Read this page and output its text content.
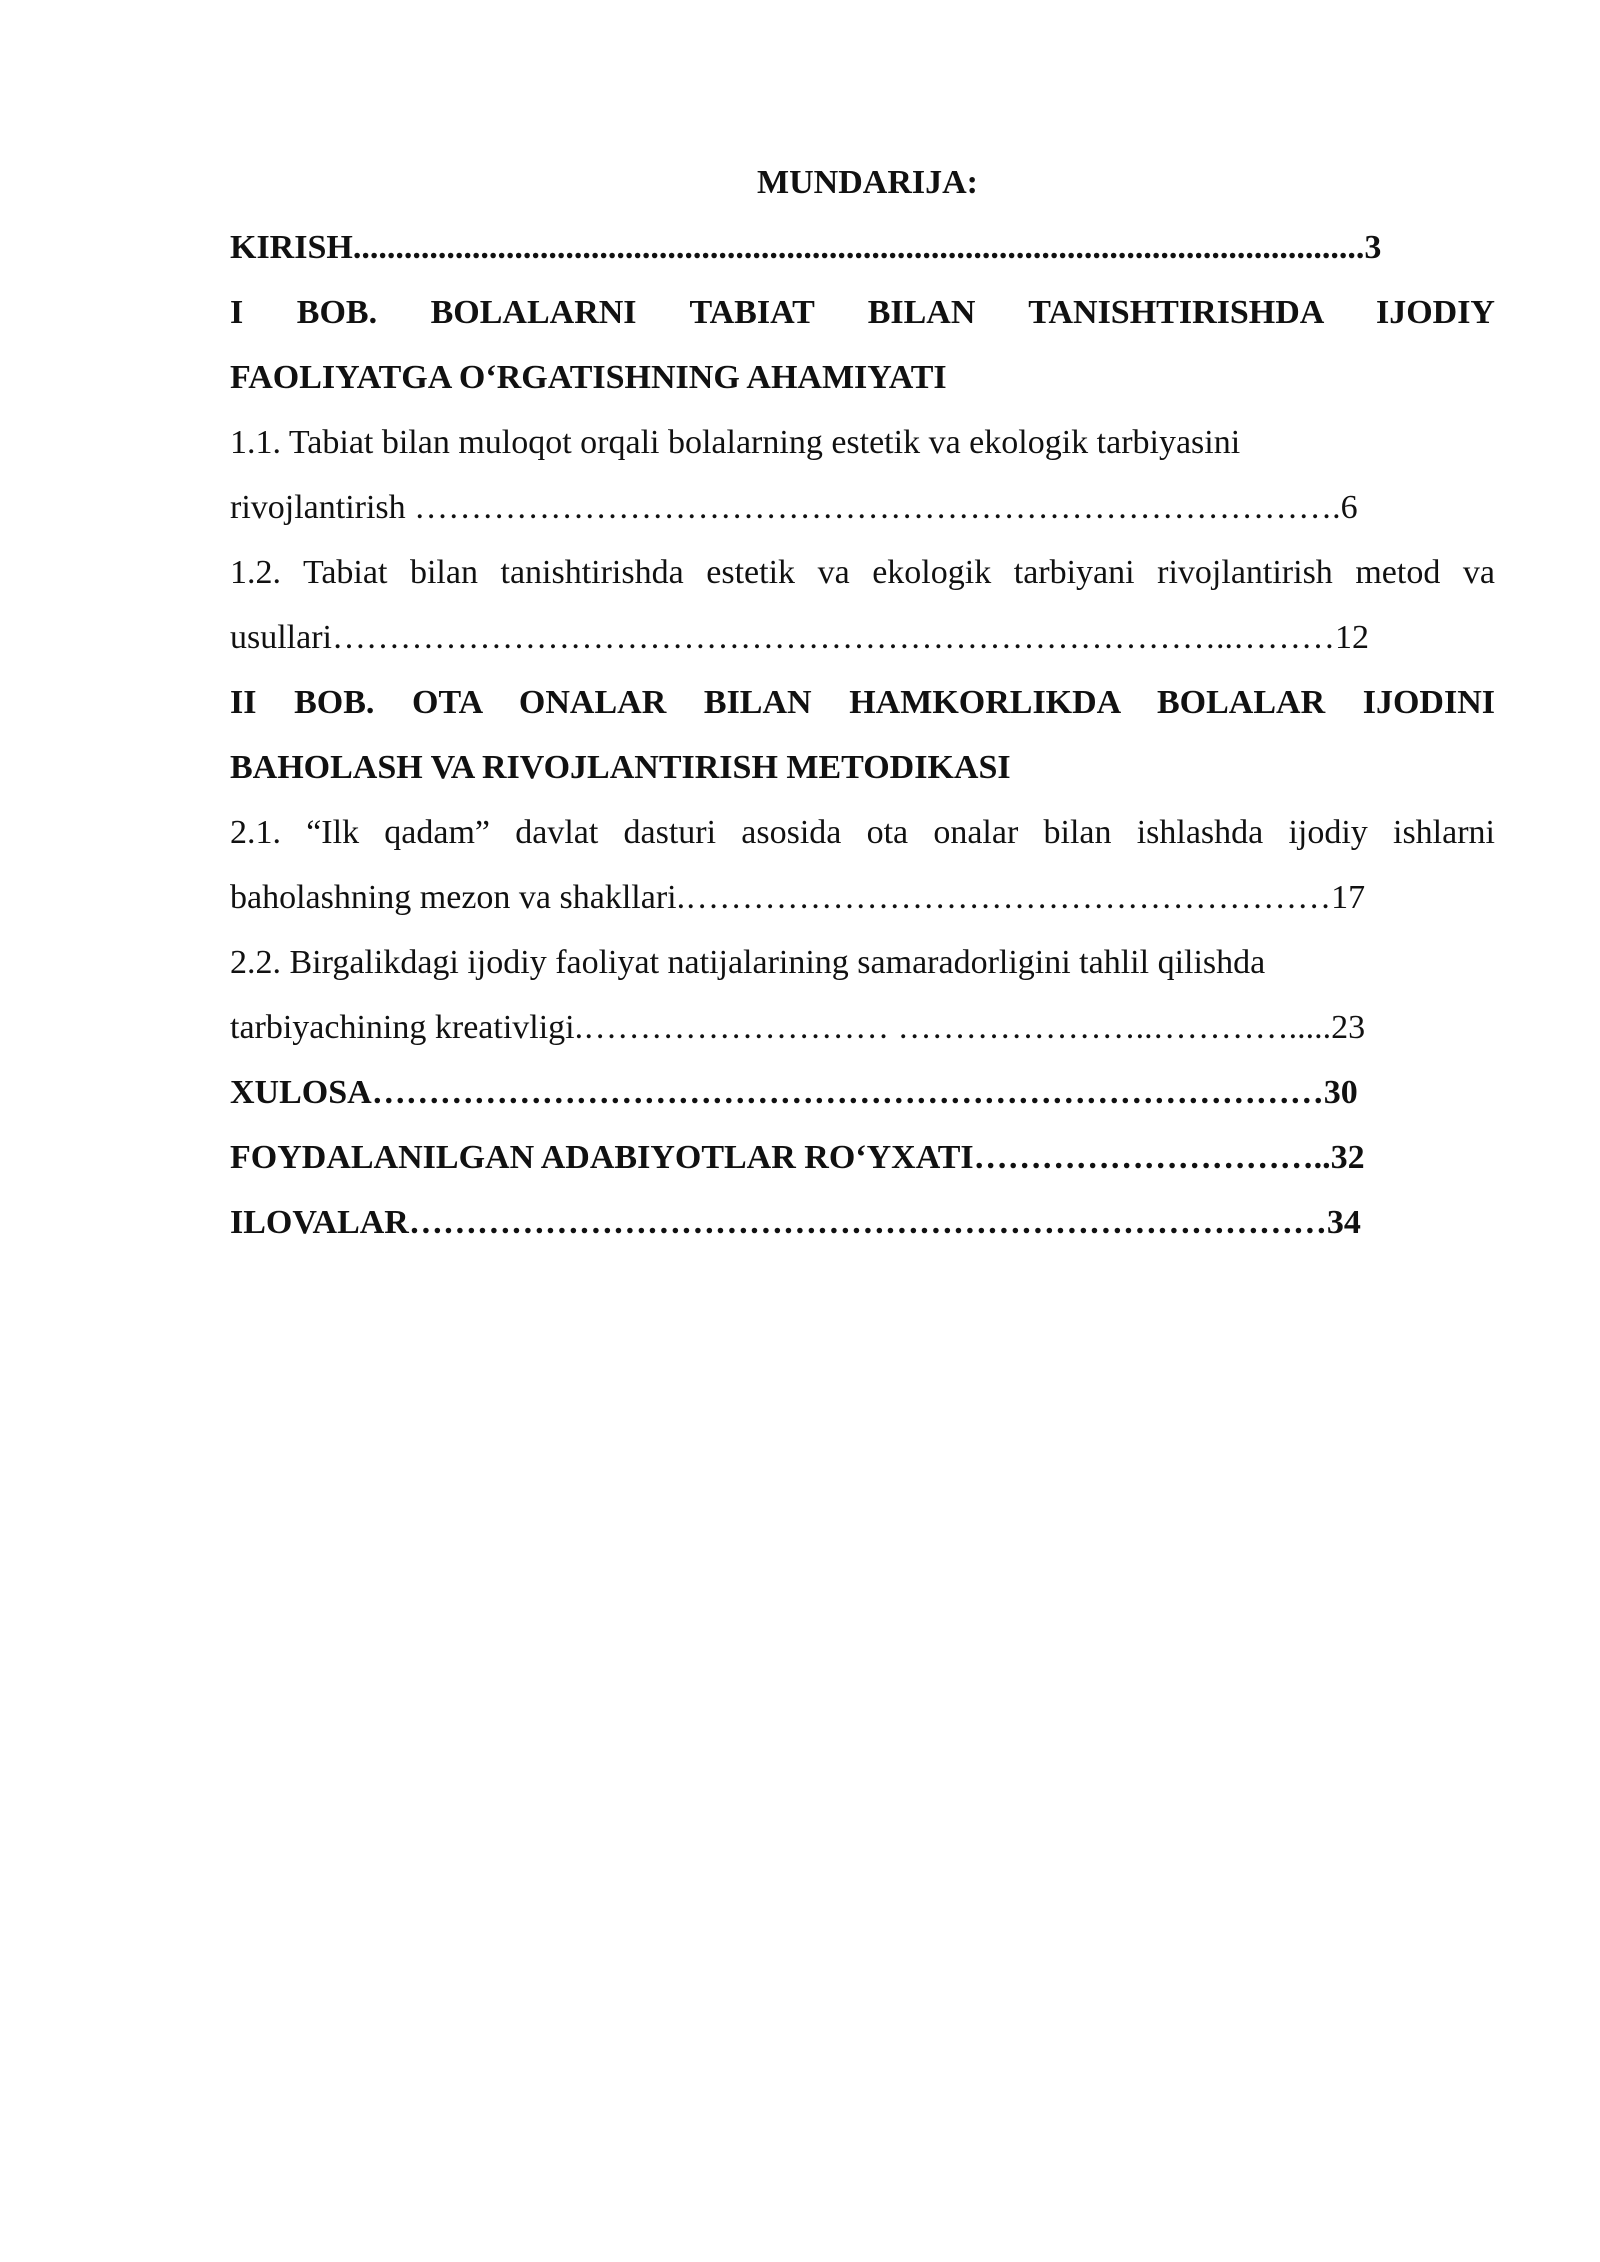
MUNDARIJA:
KIRISH.......................................................................................................................3
I BOB. BOLALARNI TABIAT BILAN TANISHTIRISHDA IJODIY
FAOLIYATGA O‘RGATISHNING AHAMIYATI
1.1. Tabiat bilan muloqot orqali bolalarning estetik va ekologik tarbiyasini
rivojlantirish ……………………………………………………………………….6
1.2. Tabiat bilan tanishtirishda estetik va ekologik tarbiyani rivojlantirish metod va
usullari……………………………………………………………………..………12
II BOB. OTA ONALAR BILAN HAMKORLIKDA BOLALAR IJODINI
BAHOLASH VA RIVOJLANTIRISH METODIKASI
2.1. “Ilk qadam” davlat dasturi asosida ota onalar bilan ishlashda ijodiy ishlarni
baholashning mezon va shakllari.…………………………………………………17
2.2. Birgalikdagi ijodiy faoliyat natijalarining samaradorligini tahlil qilishda
tarbiyachining kreativligi.……………………… …………………..………….....23
XULOSA…………………………………………………………………………30
FOYDALANILGAN ADABIYOTLAR RO‘YXATI…………………………..32
ILOVALAR………………………………………………………………………34
